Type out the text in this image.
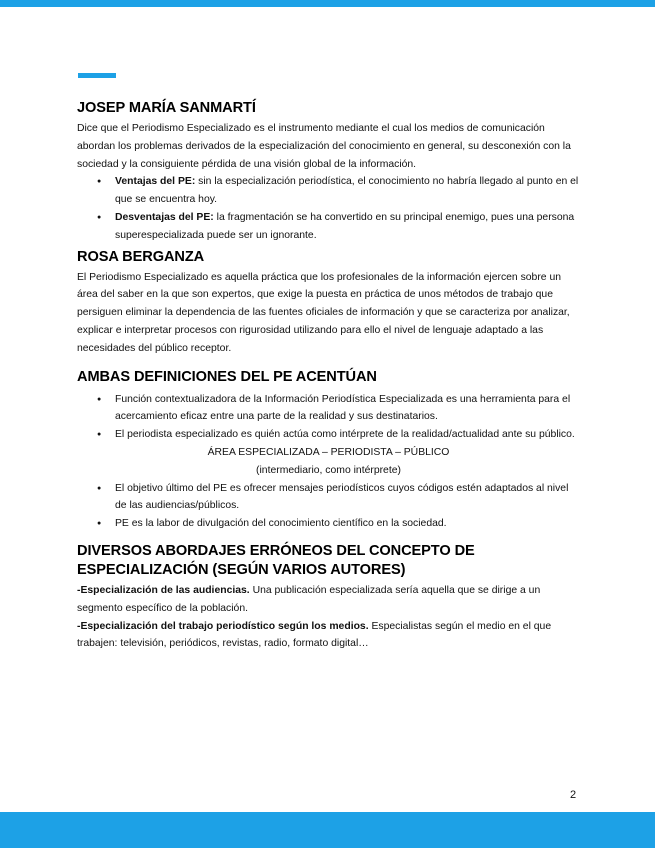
JOSEP MARÍA SANMARTÍ

Dice que el Periodismo Especializado es el instrumento mediante el cual los medios de comunicación abordan los problemas derivados de la especialización del conocimiento en general, su desconexión con la sociedad y la consiguiente pérdida de una visión global de la información.

● Ventajas del PE: sin la especialización periodística, el conocimiento no habría llegado al punto en el que se encuentra hoy.
● Desventajas del PE: la fragmentación se ha convertido en su principal enemigo, pues una persona superespecializada puede ser un ignorante.
ROSA BERGANZA

El Periodismo Especializado es aquella práctica que los profesionales de la información ejercen sobre un área del saber en la que son expertos, que exige la puesta en práctica de unos métodos de trabajo que persiguen eliminar la dependencia de las fuentes oficiales de información y que se caracteriza por analizar, explicar e interpretar procesos con rigurosidad utilizando para ello el nivel de lenguaje adaptado a las necesidades del público receptor.

AMBAS DEFINICIONES DEL PE ACENTÚAN
● Función contextualizadora de la Información Periodística Especializada es una herramienta para el acercamiento eficaz entre una parte de la realidad y sus destinatarios.
● El periodista especializado es quién actúa como intérprete de la realidad/actualidad ante su público.
ÁREA ESPECIALIZADA – PERIODISTA – PÚBLICO
(intermediario, como intérprete)
● El objetivo último del PE es ofrecer mensajes periodísticos cuyos códigos estén adaptados al nivel de las audiencias/públicos.
● PE es la labor de divulgación del conocimiento científico en la sociedad.
DIVERSOS ABORDAJES ERRÓNEOS DEL CONCEPTO DE ESPECIALIZACIÓN (SEGÚN VARIOS AUTORES)

-Especialización de las audiencias. Una publicación especializada sería aquella que se dirige a un segmento específico de la población.

-Especialización del trabajo periodístico según los medios. Especialistas según el medio en el que trabajen: televisión, periódicos, revistas, radio, formato digital…

2
